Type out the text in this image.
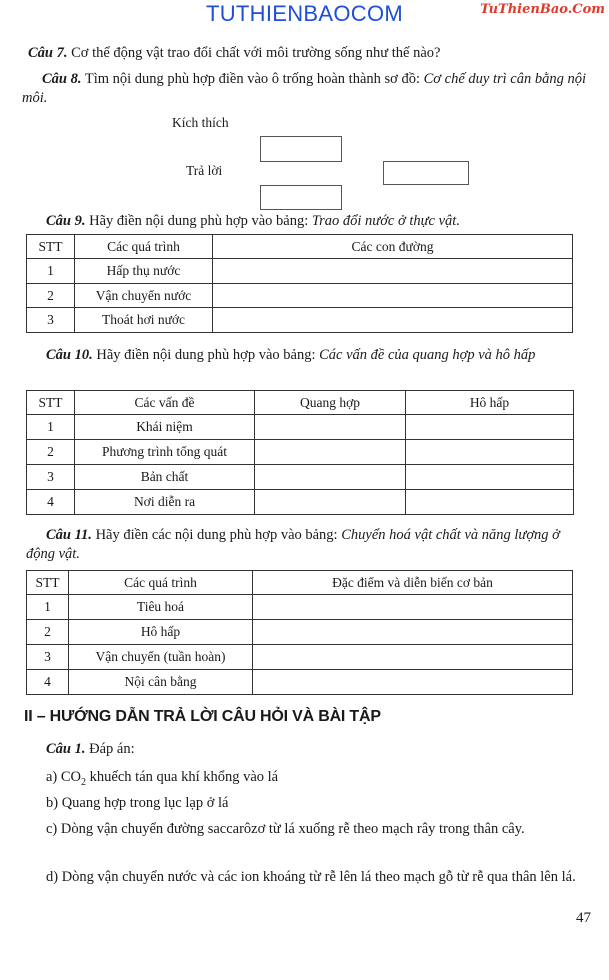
TUTHIENBAOCOM	TuThienBao.Com
Câu 7. Cơ thể động vật trao đổi chất với môi trường sống như thế nào?
Câu 8. Tìm nội dung phù hợp điền vào ô trống hoàn thành sơ đồ: Cơ chế duy trì cân bằng nội môi.
Kích thích
Trả lời
Câu 9. Hãy điền nội dung phù hợp vào bảng: Trao đổi nước ở thực vật.
STT	Các quá trình	Các con đường
1	Hấp thụ nước	
2	Vận chuyển nước	
3	Thoát hơi nước	
Câu 10. Hãy điền nội dung phù hợp vào bảng: Các vấn đề của quang hợp và hô hấp
STT	Các vấn đề	Quang hợp	Hô hấp
1	Khái niệm		
2	Phương trình tổng quát		
3	Bản chất		
4	Nơi diễn ra		
Câu 11. Hãy điền các nội dung phù hợp vào bảng: Chuyển hoá vật chất và năng lượng ở động vật.
STT	Các quá trình	Đặc điểm và diễn biến cơ bản
1	Tiêu hoá	
2	Hô hấp	
3	Vận chuyển (tuần hoàn)	
4	Nội cân bằng	
II – HƯỚNG DẪN TRẢ LỜI CÂU HỎI VÀ BÀI TẬP
Câu 1. Đáp án:
a) $CO_2$ khuếch tán qua khí khổng vào lá
b) Quang hợp trong lục lạp ở lá
c) Dòng vận chuyển đường saccarôzơ từ lá xuống rễ theo mạch rây trong thân cây.
d) Dòng vận chuyển nước và các ion khoáng từ rễ lên lá theo mạch gỗ từ rễ qua thân lên lá.
47
